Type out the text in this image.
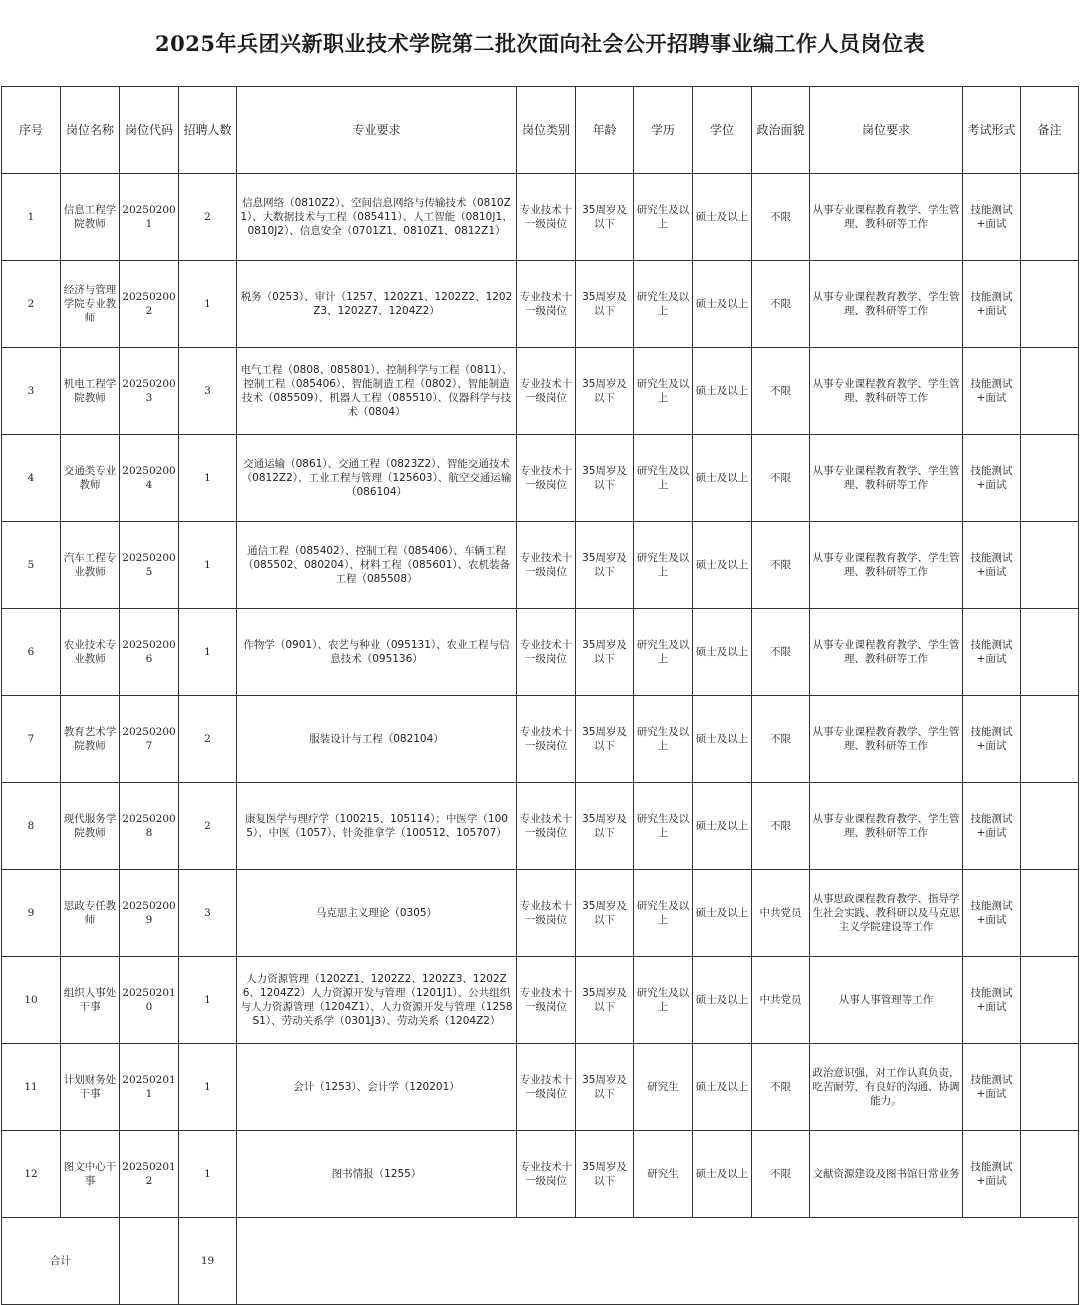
2025年兵团兴新职业技术学院第二批次面向社会公开招聘事业编工作人员岗位表
序号	岗位名称	岗位代码	招聘人数	专业要求	岗位类别	年龄	学历	学位	政治面貌	岗位要求	考试形式	备注
1	信息工程学院教师	202502001	2	信息网络（0810Z2）、空间信息网络与传输技术（0810Z1）、大数据技术与工程（085411）、人工智能（0810J1、0810J2）、信息安全（0701Z1、0810Z1、0812Z1）	专业技术十一级岗位	35周岁及以下	研究生及以上	硕士及以上	不限	从事专业课程教育教学、学生管理、教科研等工作	技能测试+面试	
2	经济与管理学院专业教师	202502002	1	税务（0253）、审计（1257、1202Z1、1202Z2、1202Z3、1202Z7、1204Z2）	专业技术十一级岗位	35周岁及以下	研究生及以上	硕士及以上	不限	从事专业课程教育教学、学生管理、教科研等工作	技能测试+面试	
3	机电工程学院教师	202502003	3	电气工程（0808、085801）、控制科学与工程（0811）、控制工程（085406）、智能制造工程（0802）、智能制造技术（085509）、机器人工程（085510）、仪器科学与技术（0804）	专业技术十一级岗位	35周岁及以下	研究生及以上	硕士及以上	不限	从事专业课程教育教学、学生管理、教科研等工作	技能测试+面试	
4	交通类专业教师	202502004	1	交通运输（0861）、交通工程（0823Z2）、智能交通技术（0812Z2）、工业工程与管理（125603）、航空交通运输（086104）	专业技术十一级岗位	35周岁及以下	研究生及以上	硕士及以上	不限	从事专业课程教育教学、学生管理、教科研等工作	技能测试+面试	
5	汽车工程专业教师	202502005	1	通信工程（085402）、控制工程（085406）、车辆工程（085502、080204）、材料工程（085601）、农机装备工程（085508）	专业技术十一级岗位	35周岁及以下	研究生及以上	硕士及以上	不限	从事专业课程教育教学、学生管理、教科研等工作	技能测试+面试	
6	农业技术专业教师	202502006	1	作物学（0901）、农艺与种业（095131）、农业工程与信息技术（095136）	专业技术十一级岗位	35周岁及以下	研究生及以上	硕士及以上	不限	从事专业课程教育教学、学生管理、教科研等工作	技能测试+面试	
7	教育艺术学院教师	202502007	2	服装设计与工程（082104）	专业技术十一级岗位	35周岁及以下	研究生及以上	硕士及以上	不限	从事专业课程教育教学、学生管理、教科研等工作	技能测试+面试	
8	现代服务学院教师	202502008	2	康复医学与理疗学（100215、105114）；中医学（1005）、中医（1057）、针灸推拿学（100512、105707）	专业技术十一级岗位	35周岁及以下	研究生及以上	硕士及以上	不限	从事专业课程教育教学、学生管理、教科研等工作	技能测试+面试	
9	思政专任教师	202502009	3	马克思主义理论（0305）	专业技术十一级岗位	35周岁及以下	研究生及以上	硕士及以上	中共党员	从事思政课程教育教学、指导学生社会实践、教科研以及马克思主义学院建设等工作	技能测试+面试	
10	组织人事处干事	202502010	1	人力资源管理（1202Z1、1202Z2、1202Z3、1202Z6、1204Z2）人力资源开发与管理（1201J1）、公共组织与人力资源管理（1204Z1）、人力资源开发与管理（1258S1）、劳动关系学（0301J3）、劳动关系（1204Z2）	专业技术十一级岗位	35周岁及以下	研究生及以上	硕士及以上	中共党员	从事人事管理等工作	技能测试+面试	
11	计划财务处干事	202502011	1	会计（1253）、会计学（120201）	专业技术十一级岗位	35周岁及以下	研究生	硕士及以上	不限	政治意识强，对工作认真负责，吃苦耐劳，有良好的沟通、协调能力。	技能测试+面试	
12	图文中心干事	202502012	1	图书情报（1255）	专业技术十一级岗位	35周岁及以下	研究生	硕士及以上	不限	文献资源建设及图书馆日常业务	技能测试+面试	
合计			19									
